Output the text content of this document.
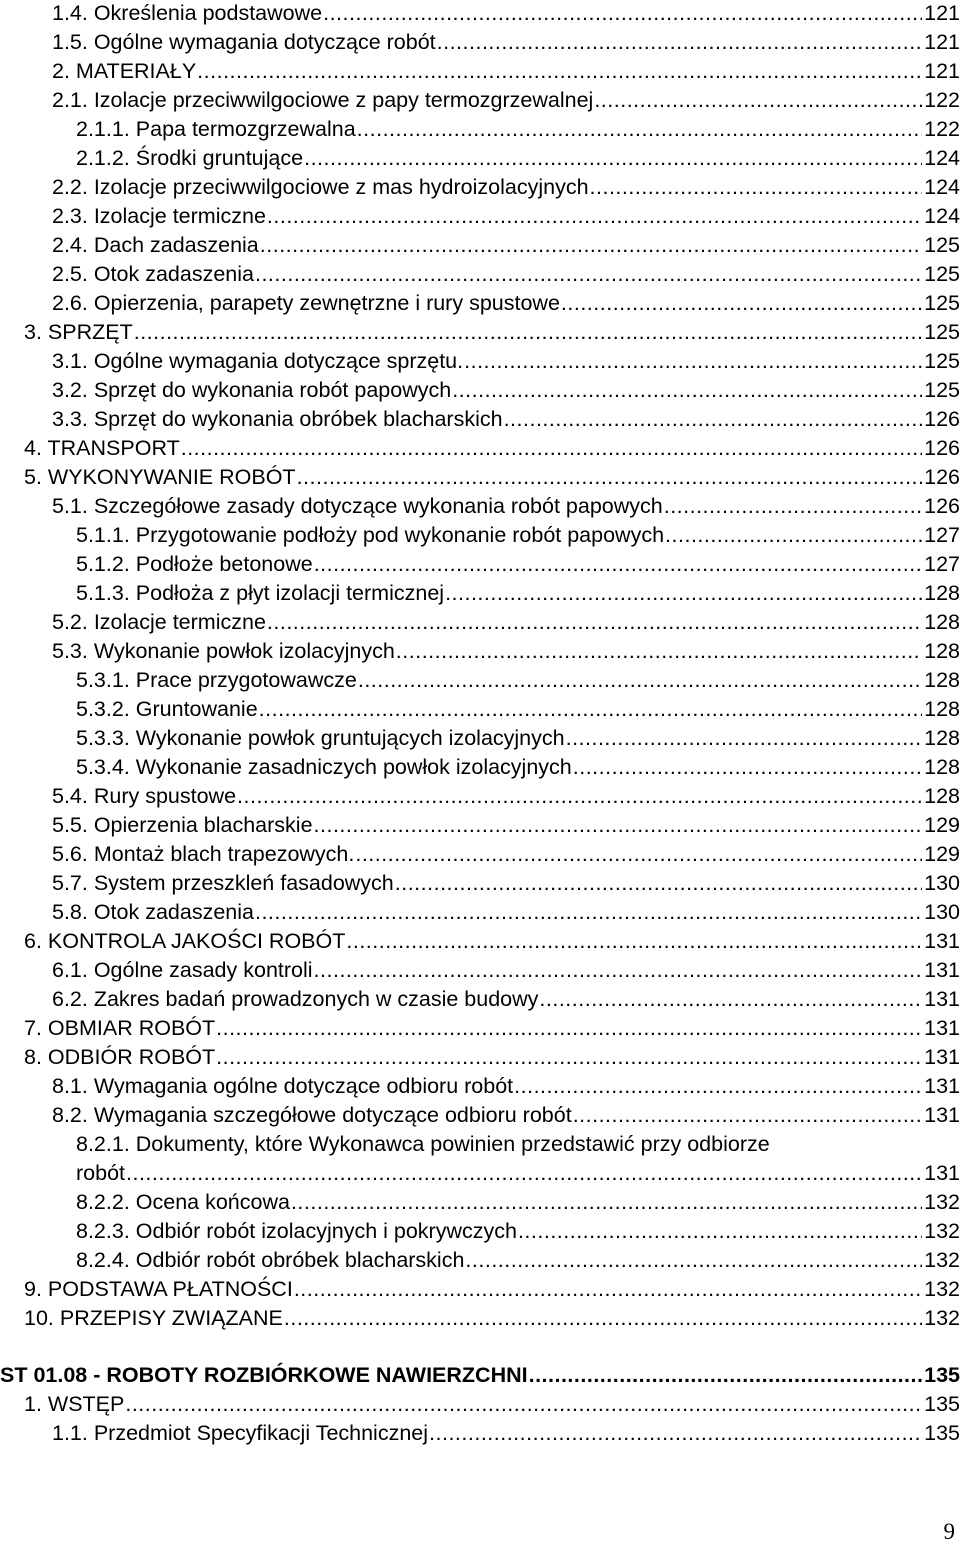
1.4. Określenia podstawowe .....	121
1.5. Ogólne wymagania dotyczące robót .....	121
2. MATERIAŁY .....	121
2.1. Izolacje przeciwwilgociowe z papy termozgrzewalnej .....	122
2.1.1. Papa termozgrzewalna .....	122
2.1.2. Środki gruntujące .....	124
2.2. Izolacje przeciwwilgociowe z mas hydroizolacyjnych .....	124
2.3. Izolacje termiczne .....	124
2.4. Dach zadaszenia .....	125
2.5. Otok zadaszenia .....	125
2.6. Opierzenia, parapety zewnętrzne i rury spustowe .....	125
3. SPRZĘT .....	125
3.1. Ogólne wymagania dotyczące sprzętu. .....	125
3.2. Sprzęt do wykonania robót papowych .....	125
3.3. Sprzęt do wykonania obróbek blacharskich .....	126
4. TRANSPORT .....	126
5. WYKONYWANIE ROBÓT .....	126
5.1. Szczegółowe zasady dotyczące wykonania robót papowych .....	126
5.1.1. Przygotowanie podłoży pod wykonanie robót papowych .....	127
5.1.2. Podłoże betonowe .....	127
5.1.3. Podłoża z płyt izolacji termicznej .....	128
5.2. Izolacje termiczne .....	128
5.3. Wykonanie powłok izolacyjnych .....	128
5.3.1. Prace przygotowawcze .....	128
5.3.2. Gruntowanie .....	128
5.3.3. Wykonanie powłok gruntujących izolacyjnych .....	128
5.3.4. Wykonanie zasadniczych powłok izolacyjnych .....	128
5.4. Rury spustowe .....	128
5.5. Opierzenia blacharskie .....	129
5.6. Montaż blach trapezowych. .....	129
5.7. System przeszkleń fasadowych .....	130
5.8. Otok zadaszenia .....	130
6. KONTROLA JAKOŚCI ROBÓT .....	131
6.1. Ogólne zasady kontroli .....	131
6.2. Zakres badań prowadzonych w czasie budowy .....	131
7. OBMIAR ROBÓT .....	131
8. ODBIÓR ROBÓT .....	131
8.1. Wymagania ogólne dotyczące odbioru robót .....	131
8.2. Wymagania szczegółowe dotyczące odbioru robót .....	131
8.2.1. Dokumenty, które Wykonawca powinien przedstawić przy odbiorze
robót .....	131
8.2.2. Ocena końcowa .....	132
8.2.3. Odbiór robót izolacyjnych i pokrywczych .....	132
8.2.4. Odbiór robót obróbek blacharskich .....	132
9. PODSTAWA PŁATNOŚCI .....	132
10. PRZEPISY ZWIĄZANE .....	132
ST 01.08 - ROBOTY ROZBIÓRKOWE NAWIERZCHNI .....	135
1. WSTĘP .....	135
1.1. Przedmiot Specyfikacji Technicznej .....	135
9
